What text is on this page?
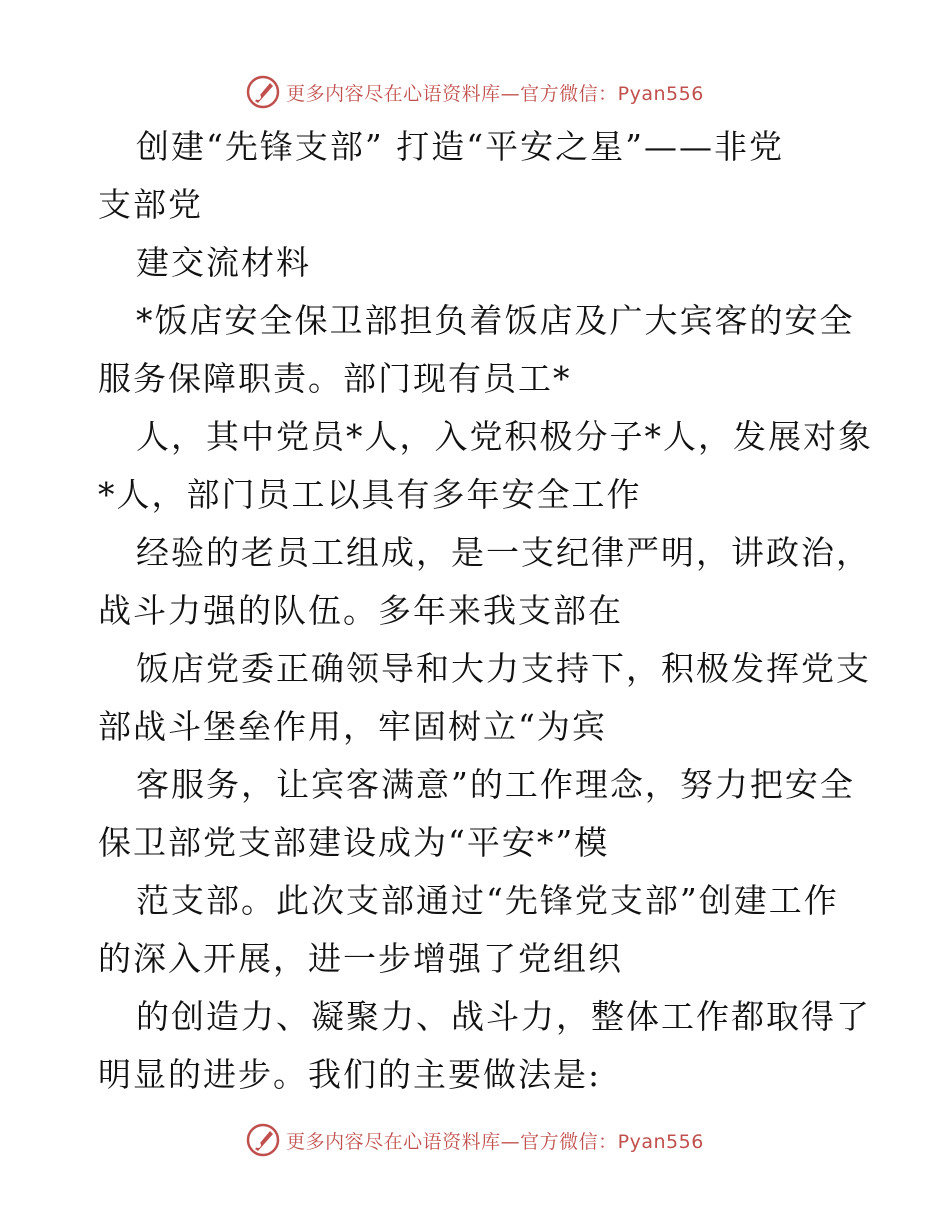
更多内容尽在心语资料库—官方微信：Pyan556

创建“先锋支部” 打造“平安之星”——非党

支部党

建交流材料

*饭店安全保卫部担负着饭店及广大宾客的安全

服务保障职责。部门现有员工*

人，其中党员*人，入党积极分子*人，发展对象

*人，部门员工以具有多年安全工作

经验的老员工组成，是一支纪律严明，讲政治，

战斗力强的队伍。多年来我支部在

饭店党委正确领导和大力支持下，积极发挥党支

部战斗堡垒作用，牢固树立“为宾

客服务，让宾客满意”的工作理念，努力把安全

保卫部党支部建设成为“平安*”模

范支部。此次支部通过“先锋党支部”创建工作

的深入开展，进一步增强了党组织

的创造力、凝聚力、战斗力，整体工作都取得了

明显的进步。我们的主要做法是:

更多内容尽在心语资料库—官方微信：Pyan556
